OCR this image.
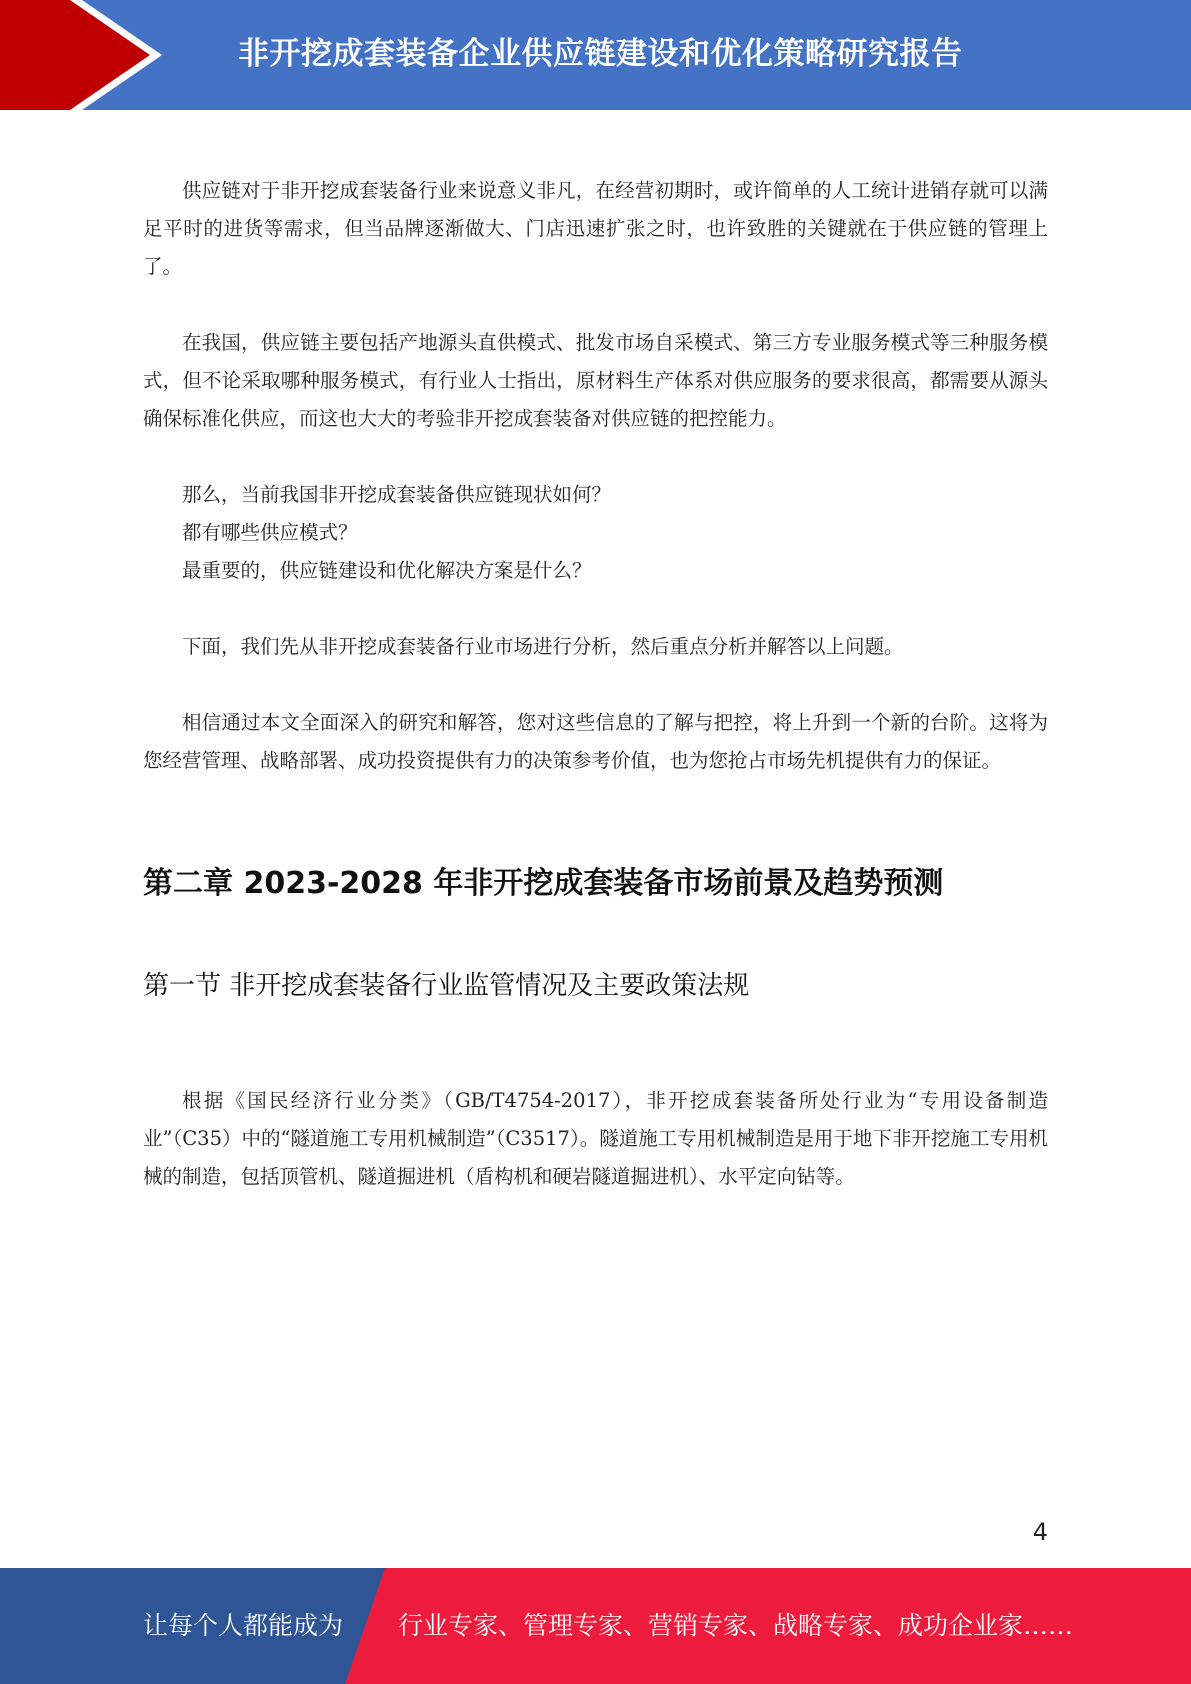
非开挖成套装备企业供应链建设和优化策略研究报告

供应链对于非开挖成套装备行业来说意义非凡，在经营初期时，或许简单的人工统计进销存就可以满足平时的进货等需求，但当品牌逐渐做大、门店迅速扩张之时，也许致胜的关键就在于供应链的管理上了。

在我国，供应链主要包括产地源头直供模式、批发市场自采模式、第三方专业服务模式等三种服务模式，但不论采取哪种服务模式，有行业人士指出，原材料生产体系对供应服务的要求很高，都需要从源头确保标准化供应，而这也大大的考验非开挖成套装备对供应链的把控能力。

那么，当前我国非开挖成套装备供应链现状如何？

都有哪些供应模式？

最重要的，供应链建设和优化解决方案是什么？

下面，我们先从非开挖成套装备行业市场进行分析，然后重点分析并解答以上问题。

相信通过本文全面深入的研究和解答，您对这些信息的了解与把控，将上升到一个新的台阶。这将为您经营管理、战略部署、成功投资提供有力的决策参考价值，也为您抢占市场先机提供有力的保证。

第二章 2023-2028 年非开挖成套装备市场前景及趋势预测
第一节 非开挖成套装备行业监管情况及主要政策法规

根据《国民经济行业分类》（GB/T4754-2017），非开挖成套装备所处行业为“专用设备制造业”（C35）中的“隧道施工专用机械制造”（C3517）。隧道施工专用机械制造是用于地下非开挖施工专用机械的制造，包括顶管机、隧道掘进机（盾构机和硬岩隧道掘进机）、水平定向钻等。

4
让每个人都能成为 行业专家、管理专家、营销专家、战略专家、成功企业家……
